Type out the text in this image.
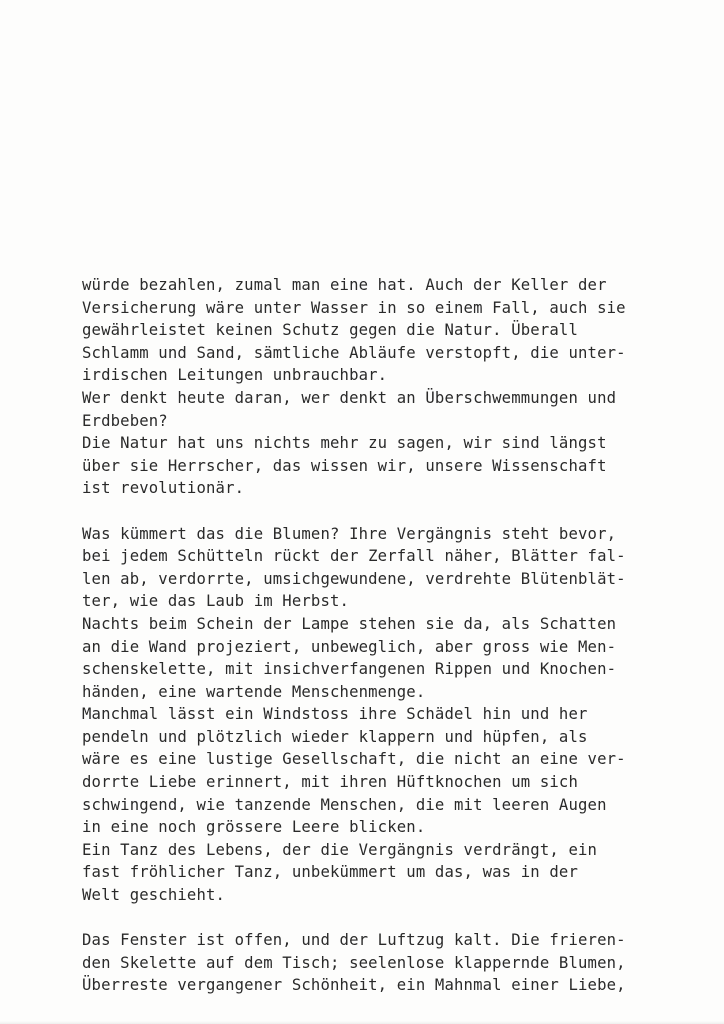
würde bezahlen, zumal man eine hat. Auch der Keller der
Versicherung wäre unter Wasser in so einem Fall, auch sie
gewährleistet keinen Schutz gegen die Natur. Überall
Schlamm und Sand, sämtliche Abläufe verstopft, die unter-
irdischen Leitungen unbrauchbar.
Wer denkt heute daran, wer denkt an Überschwemmungen und
Erdbeben?
Die Natur hat uns nichts mehr zu sagen, wir sind längst
über sie Herrscher, das wissen wir, unsere Wissenschaft
ist revolutionär.

Was kümmert das die Blumen? Ihre Vergängnis steht bevor,
bei jedem Schütteln rückt der Zerfall näher, Blätter fal-
len ab, verdorrte, umsichgewundene, verdrehte Blütenblät-
ter, wie das Laub im Herbst.
Nachts beim Schein der Lampe stehen sie da, als Schatten
an die Wand projeziert, unbeweglich, aber gross wie Men-
schenskelette, mit insichverfangenen Rippen und Knochen-
händen, eine wartende Menschenmenge.
Manchmal lässt ein Windstoss ihre Schädel hin und her
pendeln und plötzlich wieder klappern und hüpfen, als
wäre es eine lustige Gesellschaft, die nicht an eine ver-
dorrte Liebe erinnert, mit ihren Hüftknochen um sich
schwingend, wie tanzende Menschen, die mit leeren Augen
in eine noch grössere Leere blicken.
Ein Tanz des Lebens, der die Vergängnis verdrängt, ein
fast fröhlicher Tanz, unbekümmert um das, was in der
Welt geschieht.

Das Fenster ist offen, und der Luftzug kalt. Die frieren-
den Skelette auf dem Tisch; seelenlose klappernde Blumen,
Überreste vergangener Schönheit, ein Mahnmal einer Liebe,
